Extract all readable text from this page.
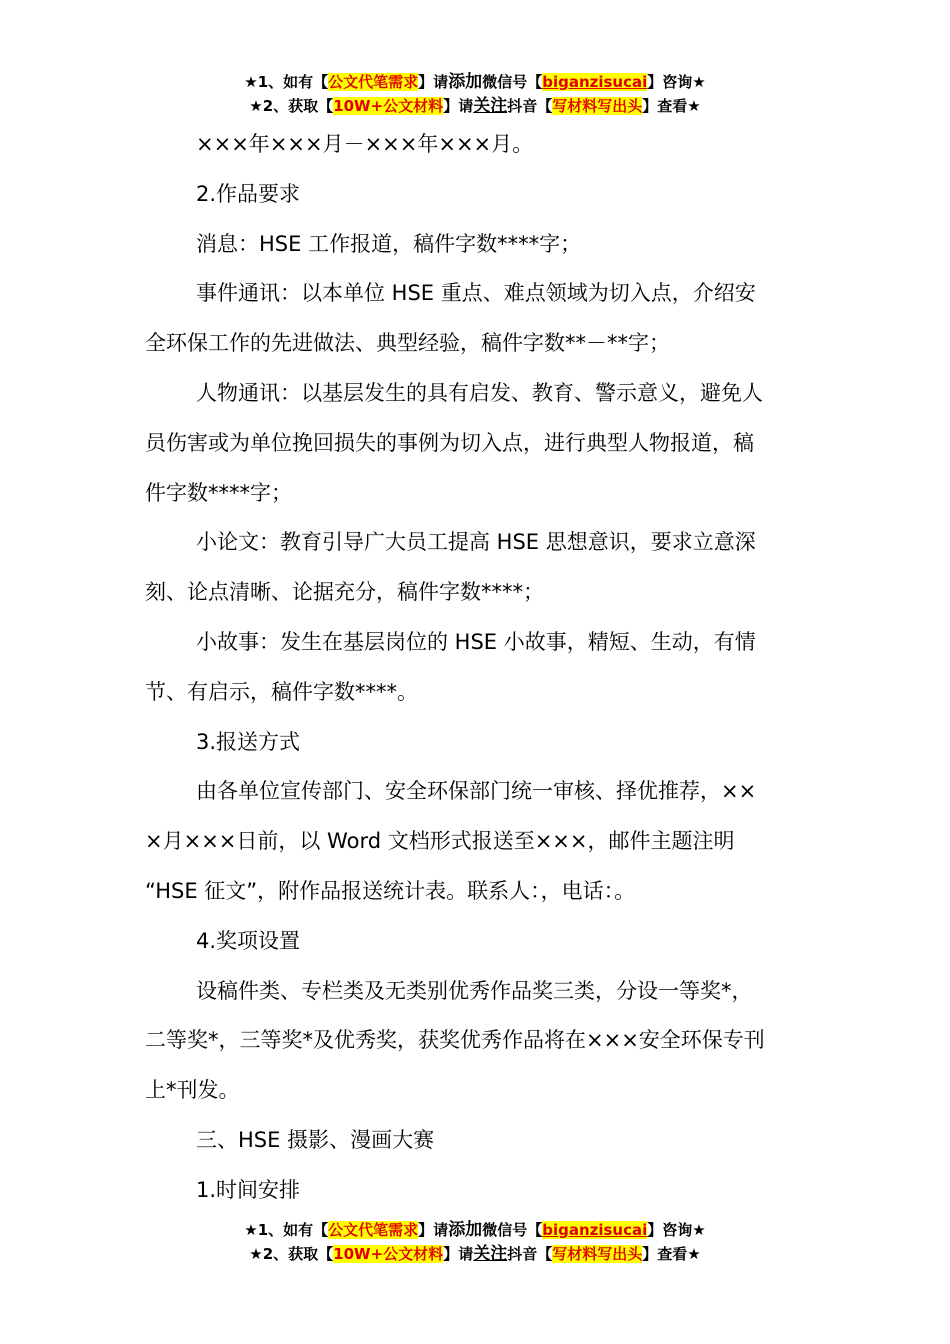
★1、如有【公文代笔需求】请添加微信号【biganzisucai】咨询★
★2、获取【10W+公文材料】请关注抖音【写材料写出头】查看★

×××年×××月－×××年×××月。

2.作品要求

消息：HSE 工作报道，稿件字数****字；

事件通讯：以本单位 HSE 重点、难点领域为切入点，介绍安

全环保工作的先进做法、典型经验，稿件字数**－**字；

人物通讯：以基层发生的具有启发、教育、警示意义，避免人

员伤害或为单位挽回损失的事例为切入点，进行典型人物报道，稿

件字数****字；

小论文：教育引导广大员工提高 HSE 思想意识，要求立意深

刻、论点清晰、论据充分，稿件字数****；

小故事：发生在基层岗位的 HSE 小故事，精短、生动，有情

节、有启示，稿件字数****。

3.报送方式

由各单位宣传部门、安全环保部门统一审核、择优推荐，××

×月×××日前，以 Word 文档形式报送至×××，邮件主题注明

“HSE 征文”，附作品报送统计表。联系人：，电话：。

4.奖项设置

设稿件类、专栏类及无类别优秀作品奖三类，分设一等奖*，

二等奖*，三等奖*及优秀奖，获奖优秀作品将在×××安全环保专刊

上*刊发。

三、HSE 摄影、漫画大赛

1.时间安排

★1、如有【公文代笔需求】请添加微信号【biganzisucai】咨询★
★2、获取【10W+公文材料】请关注抖音【写材料写出头】查看★
